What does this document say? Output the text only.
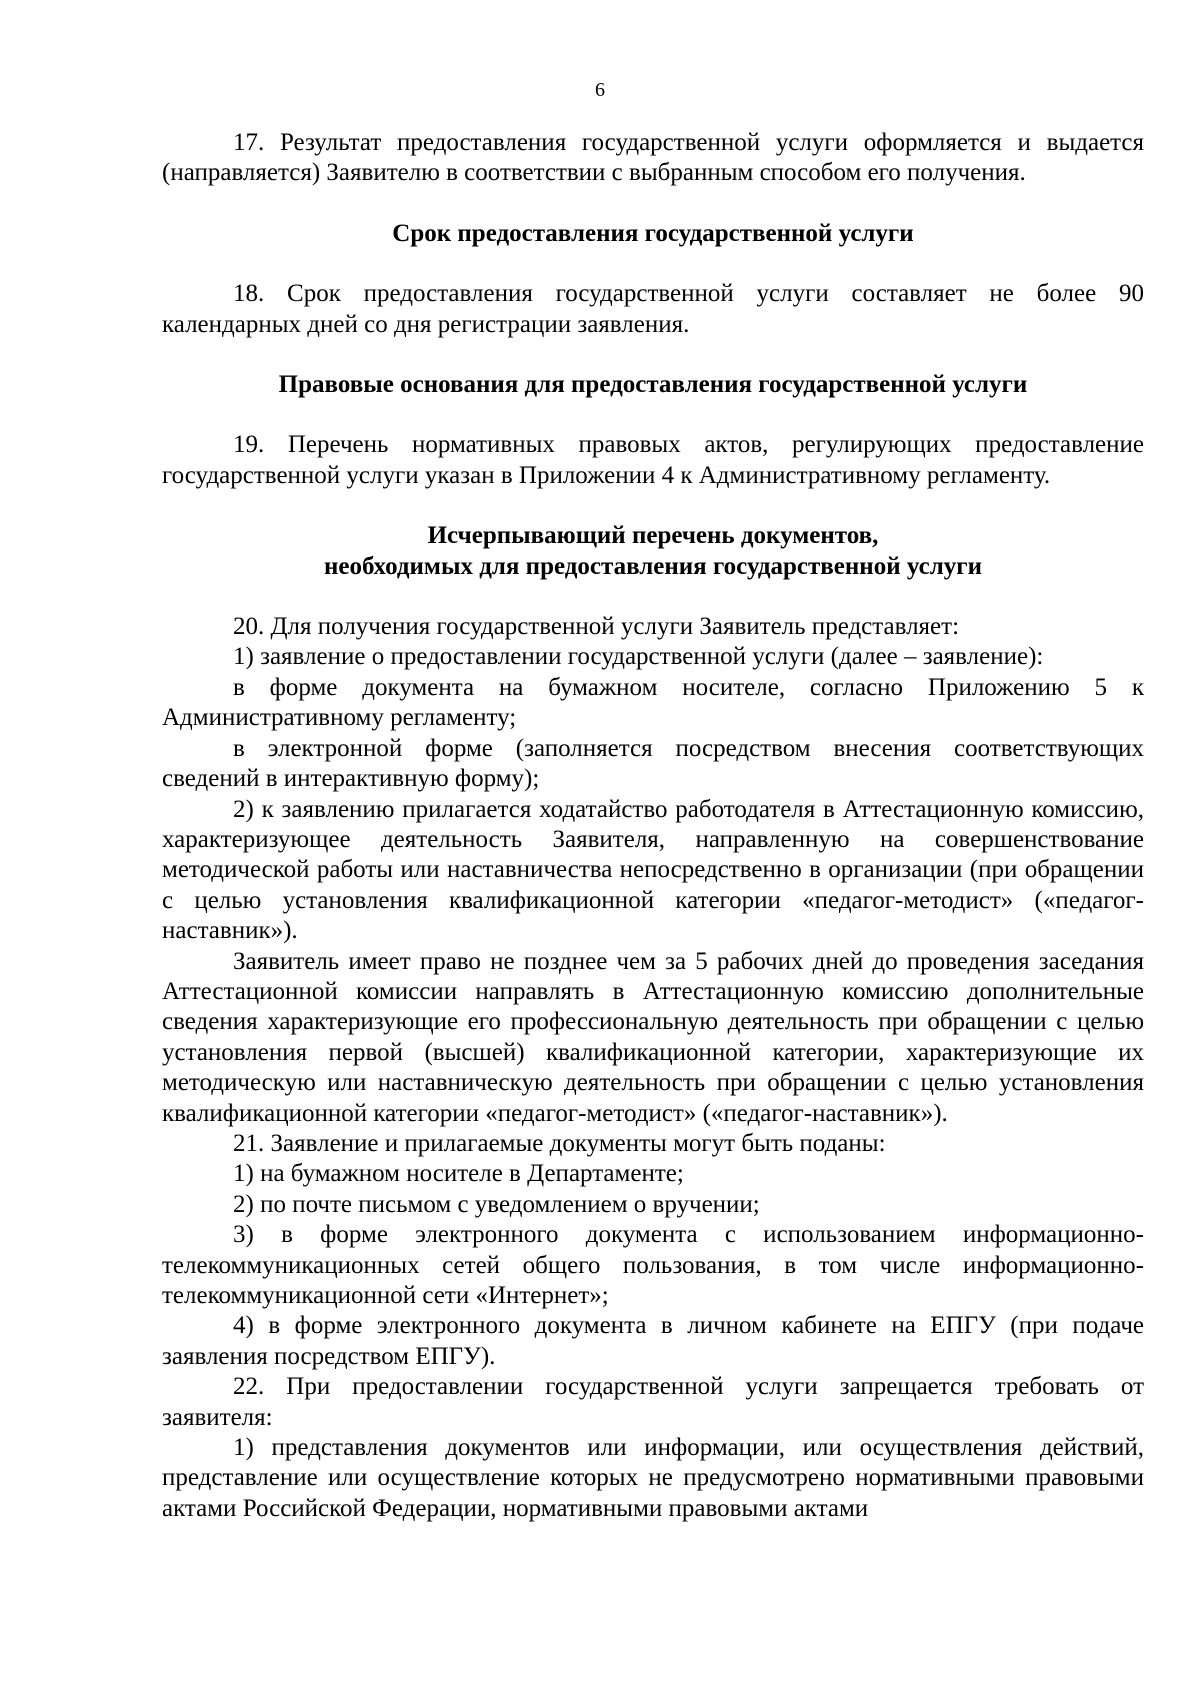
6

17. Результат предоставления государственной услуги оформляется и выдается (направляется) Заявителю в соответствии с выбранным способом его получения.

Срок предоставления государственной услуги

18. Срок предоставления государственной услуги составляет не более 90 календарных дней со дня регистрации заявления.

Правовые основания для предоставления государственной услуги

19. Перечень нормативных правовых актов, регулирующих предоставление государственной услуги указан в Приложении 4 к Административному регламенту.

Исчерпывающий перечень документов,
необходимых для предоставления государственной услуги

20. Для получения государственной услуги Заявитель представляет:

1) заявление о предоставлении государственной услуги (далее – заявление):

в форме документа на бумажном носителе, согласно Приложению 5 к Административному регламенту;

в электронной форме (заполняется посредством внесения соответствующих сведений в интерактивную форму);

2) к заявлению прилагается ходатайство работодателя в Аттестационную комиссию, характеризующее деятельность Заявителя, направленную на совершенствование методической работы или наставничества непосредственно в организации (при обращении с целью установления квалификационной категории «педагог-методист» («педагог-наставник»).

Заявитель имеет право не позднее чем за 5 рабочих дней до проведения заседания Аттестационной комиссии направлять в Аттестационную комиссию дополнительные сведения характеризующие его профессиональную деятельность при обращении с целью установления первой (высшей) квалификационной категории, характеризующие их методическую или наставническую деятельность при обращении с целью установления квалификационной категории «педагог-методист» («педагог-наставник»).

21. Заявление и прилагаемые документы могут быть поданы:

1) на бумажном носителе в Департаменте;

2) по почте письмом с уведомлением о вручении;

3) в форме электронного документа с использованием информационно-телекоммуникационных сетей общего пользования, в том числе информационно-телекоммуникационной сети «Интернет»;

4) в форме электронного документа в личном кабинете на ЕПГУ (при подаче заявления посредством ЕПГУ).

22. При предоставлении государственной услуги запрещается требовать от заявителя:

1) представления документов или информации, или осуществления действий, представление или осуществление которых не предусмотрено нормативными правовыми актами Российской Федерации, нормативными правовыми актами
